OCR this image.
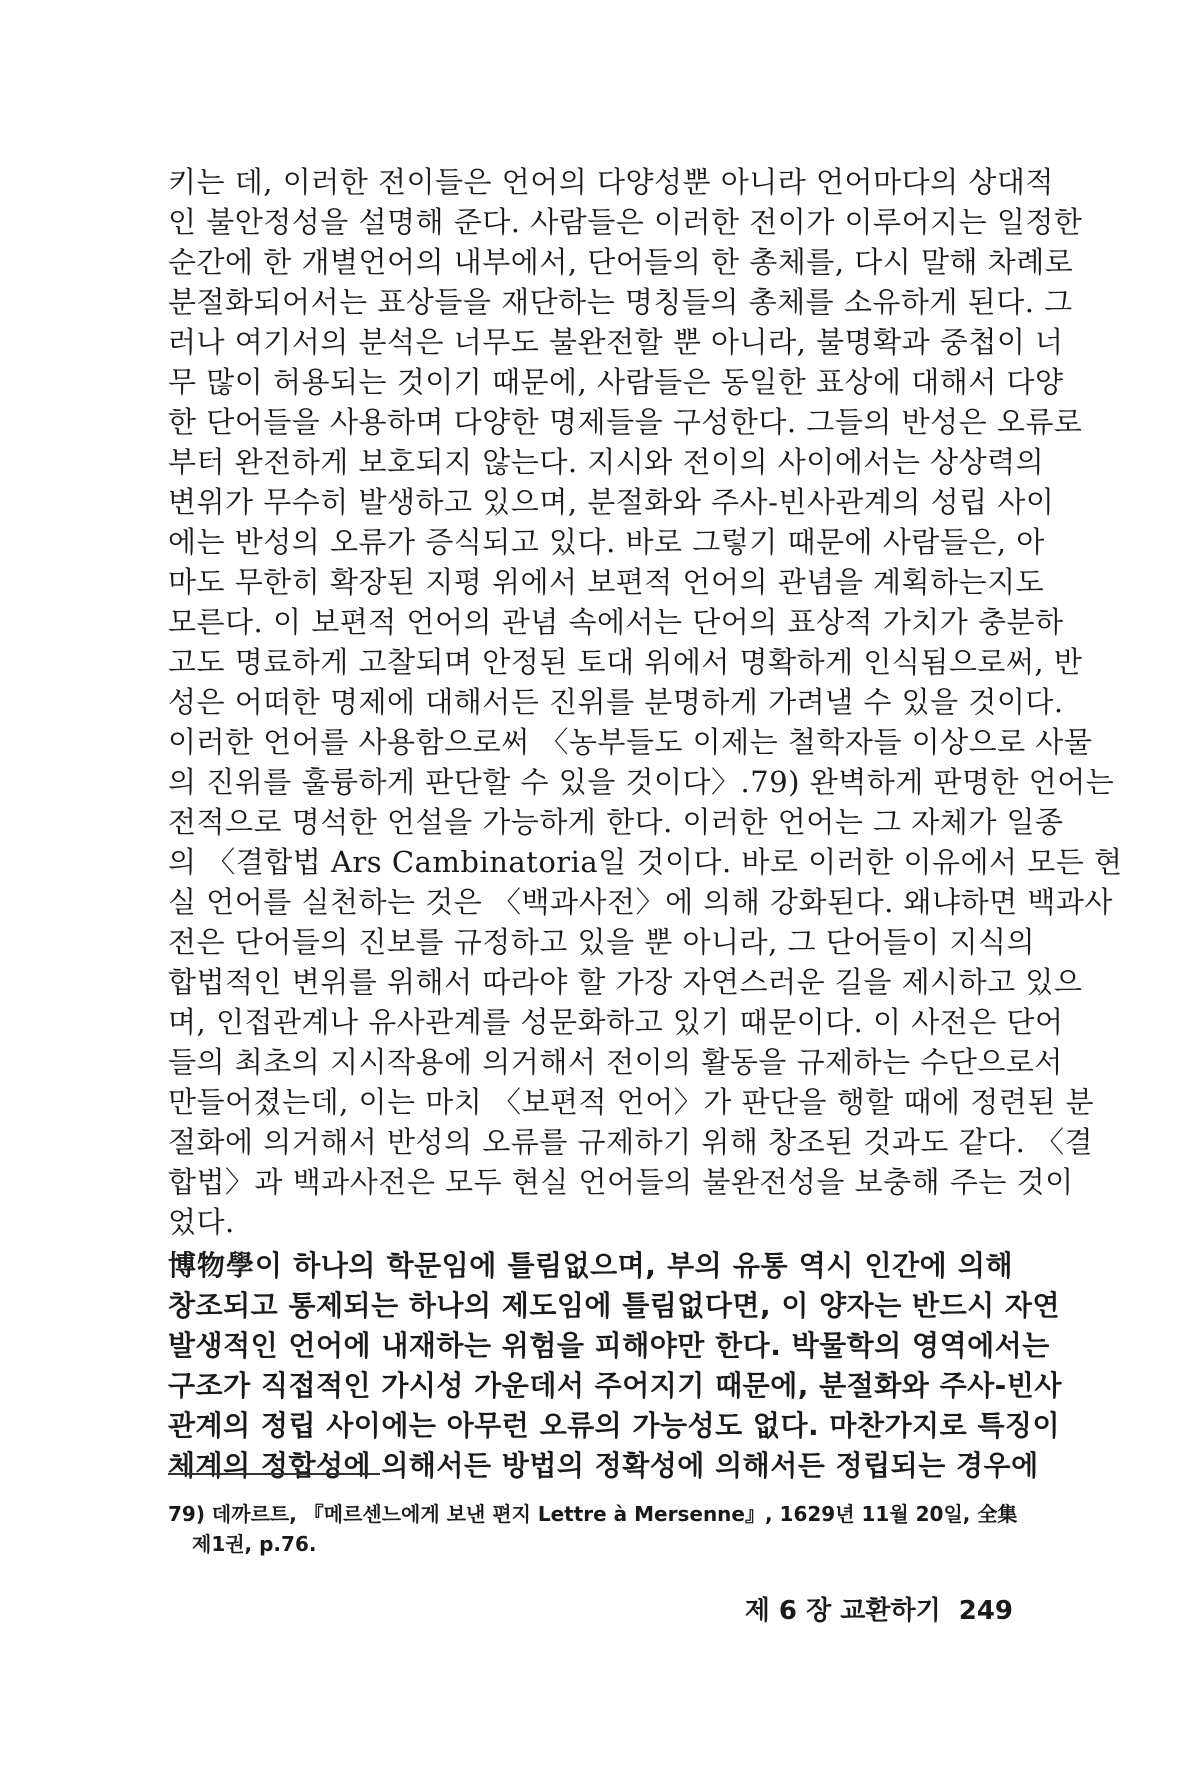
키는 데, 이러한 전이들은 언어의 다양성뿐 아니라 언어마다의 상대적
인 불안정성을 설명해 준다. 사람들은 이러한 전이가 이루어지는 일정한
순간에 한 개별언어의 내부에서, 단어들의 한 총체를, 다시 말해 차례로
분절화되어서는 표상들을 재단하는 명칭들의 총체를 소유하게 된다. 그
러나 여기서의 분석은 너무도 불완전할 뿐 아니라, 불명확과 중첩이 너
무 많이 허용되는 것이기 때문에, 사람들은 동일한 표상에 대해서 다양
한 단어들을 사용하며 다양한 명제들을 구성한다. 그들의 반성은 오류로
부터 완전하게 보호되지 않는다. 지시와 전이의 사이에서는 상상력의
변위가 무수히 발생하고 있으며, 분절화와 주사-빈사관계의 성립 사이
에는 반성의 오류가 증식되고 있다. 바로 그렇기 때문에 사람들은, 아
마도 무한히 확장된 지평 위에서 보편적 언어의 관념을 계획하는지도
모른다. 이 보편적 언어의 관념 속에서는 단어의 표상적 가치가 충분하
고도 명료하게 고찰되며 안정된 토대 위에서 명확하게 인식됨으로써, 반
성은 어떠한 명제에 대해서든 진위를 분명하게 가려낼 수 있을 것이다.
이러한 언어를 사용함으로써 〈농부들도 이제는 철학자들 이상으로 사물
의 진위를 훌륭하게 판단할 수 있을 것이다〉.79) 완벽하게 판명한 언어는
전적으로 명석한 언설을 가능하게 한다. 이러한 언어는 그 자체가 일종
의 〈결합법 Ars Cambinatoria일 것이다. 바로 이러한 이유에서 모든 현
실 언어를 실천하는 것은 〈백과사전〉에 의해 강화된다. 왜냐하면 백과사
전은 단어들의 진보를 규정하고 있을 뿐 아니라, 그 단어들이 지식의
합법적인 변위를 위해서 따라야 할 가장 자연스러운 길을 제시하고 있으
며, 인접관계나 유사관계를 성문화하고 있기 때문이다. 이 사전은 단어
들의 최초의 지시작용에 의거해서 전이의 활동을 규제하는 수단으로서
만들어졌는데, 이는 마치 〈보편적 언어〉가 판단을 행할 때에 정련된 분
절화에 의거해서 반성의 오류를 규제하기 위해 창조된 것과도 같다. 〈결
합법〉과 백과사전은 모두 현실 언어들의 불완전성을 보충해 주는 것이
었다.
博物學이 하나의 학문임에 틀림없으며, 부의 유통 역시 인간에 의해
창조되고 통제되는 하나의 제도임에 틀림없다면, 이 양자는 반드시 자연
발생적인 언어에 내재하는 위험을 피해야만 한다. 박물학의 영역에서는
구조가 직접적인 가시성 가운데서 주어지기 때문에, 분절화와 주사-빈사
관계의 정립 사이에는 아무런 오류의 가능성도 없다. 마찬가지로 특징이
체계의 정합성에 의해서든 방법의 정확성에 의해서든 정립되는 경우에
79) 데까르트, 『메르센느에게 보낸 편지 Lettre à Mersenne』, 1629년 11월 20일, 全集
제1권, p.76.
제 6 장 교환하기 249
